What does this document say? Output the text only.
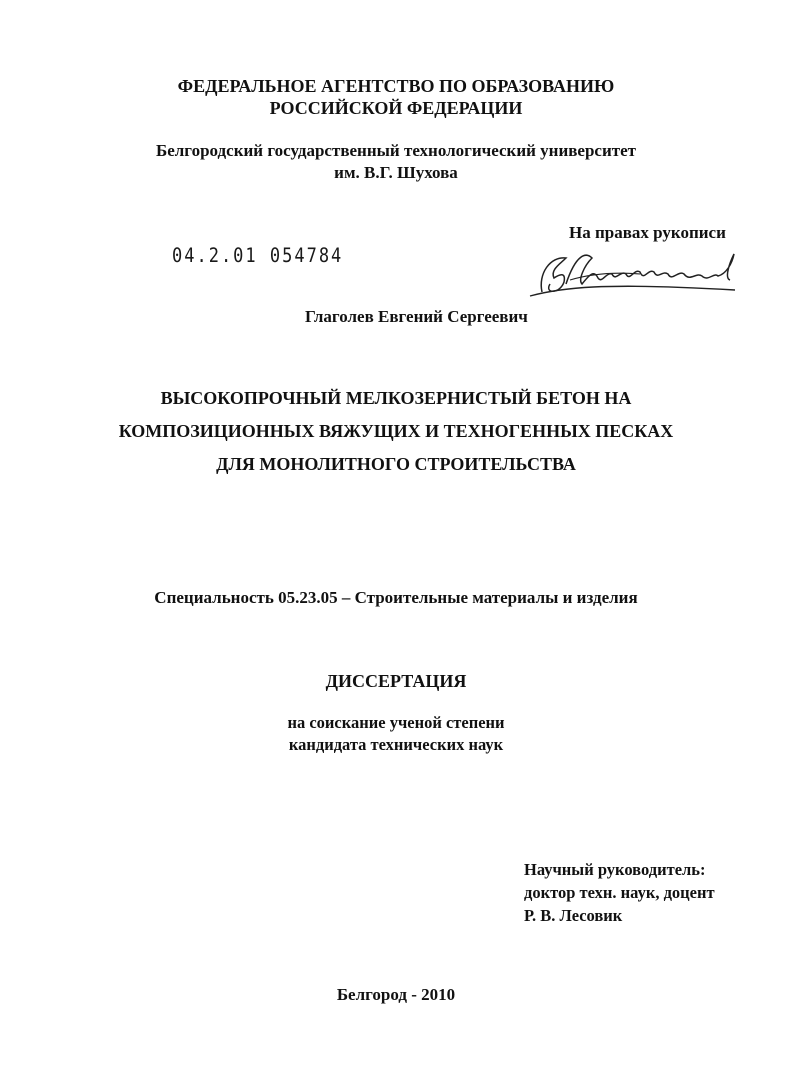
ФЕДЕРАЛЬНОЕ АГЕНТСТВО ПО ОБРАЗОВАНИЮ
РОССИЙСКОЙ ФЕДЕРАЦИИ
Белгородский государственный технологический университет
им. В.Г. Шухова
На правах рукописи
04.2.01 054784
Глаголев Евгений Сергеевич
ВЫСОКОПРОЧНЫЙ МЕЛКОЗЕРНИСТЫЙ БЕТОН НА
КОМПОЗИЦИОННЫХ ВЯЖУЩИХ И ТЕХНОГЕННЫХ ПЕСКАХ
ДЛЯ МОНОЛИТНОГО СТРОИТЕЛЬСТВА
Специальность 05.23.05 – Строительные материалы и изделия
ДИССЕРТАЦИЯ
на соискание ученой степени
кандидата технических наук
Научный руководитель:
доктор техн. наук, доцент
Р. В. Лесовик
Белгород - 2010
